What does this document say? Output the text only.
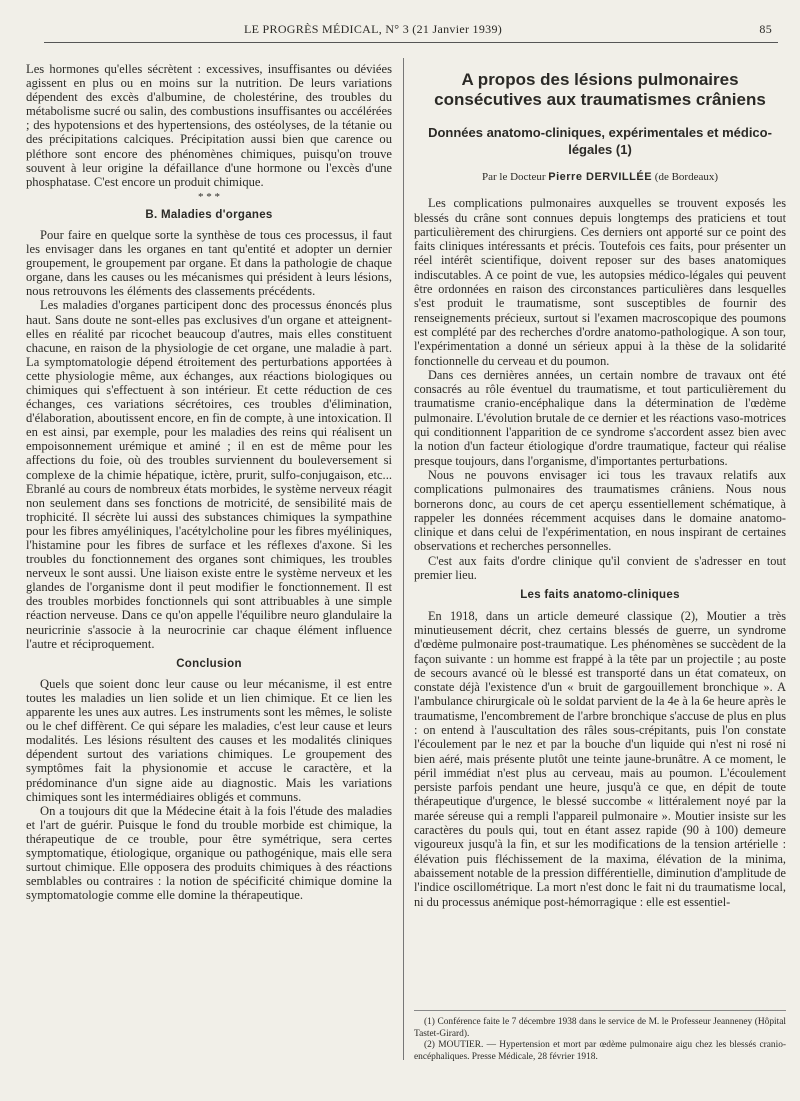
LE PROGRÈS MÉDICAL, N° 3 (21 Janvier 1939)	85

Les hormones qu'elles sécrètent : excessives, insuffisantes ou déviées agissent en plus ou en moins sur la nutrition. De leurs variations dépendent des excès d'albumine, de cholestérine, des troubles du métabolisme sucré ou salin, des combustions insuffisantes ou accélérées ; des hypotensions et des hypertensions, des ostéolyses, de la tétanie ou des précipitations calciques. Précipitation aussi bien que carence ou pléthore sont encore des phénomènes chimiques, puisqu'on trouve souvent à leur origine la défaillance d'une hormone ou l'excès d'une phosphatase. C'est encore un produit chimique.

* * *
B. Maladies d'organes

Pour faire en quelque sorte la synthèse de tous ces processus, il faut les envisager dans les organes en tant qu'entité et adopter un dernier groupement, le groupement par organe. Et dans la pathologie de chaque organe, dans les causes ou les mécanismes qui président à leurs lésions, nous retrouvons les éléments des classements précédents.

Les maladies d'organes participent donc des processus énoncés plus haut. Sans doute ne sont-elles pas exclusives d'un organe et atteignent-elles en réalité par ricochet beaucoup d'autres, mais elles constituent chacune, en raison de la physiologie de cet organe, une maladie à part. La symptomatologie dépend étroitement des perturbations apportées à cette physiologie même, aux échanges, aux réactions biologiques ou chimiques qui s'effectuent à son intérieur. Et cette réduction de ces échanges, ces variations sécrétoires, ces troubles d'élimination, d'élaboration, aboutissent encore, en fin de compte, à une intoxication. Il en est ainsi, par exemple, pour les maladies des reins qui réalisent un empoisonnement urémique et aminé ; il en est de même pour les affections du foie, où des troubles surviennent du bouleversement si complexe de la chimie hépatique, ictère, prurit, sulfo-conjugaison, etc... Ebranlé au cours de nombreux états morbides, le système nerveux réagit non seulement dans ses fonctions de motricité, de sensibilité mais de trophicité. Il sécrète lui aussi des substances chimiques la sympathine pour les fibres amyéliniques, l'acétylcholine pour les fibres myéliniques, l'histamine pour les fibres de surface et les réflexes d'axone. Si les troubles du fonctionnement des organes sont chimiques, les troubles nerveux le sont aussi. Une liaison existe entre le système nerveux et les glandes de l'organisme dont il peut modifier le fonctionnement. Il est des troubles morbides fonctionnels qui sont attribuables à une simple réaction nerveuse. Dans ce qu'on appelle l'équilibre neuro glandulaire la neuricrinie s'associe à la neurocrinie car chaque élément influence l'autre et réciproquement.

Conclusion

Quels que soient donc leur cause ou leur mécanisme, il est entre toutes les maladies un lien solide et un lien chimique. Et ce lien les apparente les unes aux autres. Les instruments sont les mêmes, le soliste ou le chef diffèrent. Ce qui sépare les maladies, c'est leur cause et leurs modalités. Les lésions résultent des causes et les modalités cliniques dépendent surtout des variations chimiques. Le groupement des symptômes fait la physionomie et accuse le caractère, et la prédominance d'un signe aide au diagnostic. Mais les variations chimiques sont les intermédiaires obligés et communs.

On a toujours dit que la Médecine était à la fois l'étude des maladies et l'art de guérir. Puisque le fond du trouble morbide est chimique, la thérapeutique de ce trouble, pour être symétrique, sera certes symptomatique, étiologique, organique ou pathogénique, mais elle sera surtout chimique. Elle opposera des produits chimiques à des réactions semblables ou contraires : la notion de spécificité chimique domine la symptomatologie comme elle domine la thérapeutique.

A propos des lésions pulmonaires consécutives aux traumatismes crâniens
Données anatomo-cliniques, expérimentales et médico-légales (1)
Par le Docteur Pierre DERVILLÉE (de Bordeaux)

Les complications pulmonaires auxquelles se trouvent exposés les blessés du crâne sont connues depuis longtemps des praticiens et tout particulièrement des chirurgiens. Ces derniers ont apporté sur ce point des faits cliniques intéressants et précis. Toutefois ces faits, pour présenter un réel intérêt scientifique, doivent reposer sur des bases anatomiques indiscutables. A ce point de vue, les autopsies médico-légales qui peuvent être ordonnées en raison des circonstances particulières dans lesquelles s'est produit le traumatisme, sont susceptibles de fournir des renseignements précieux, surtout si l'examen macroscopique des poumons est complété par des recherches d'ordre anatomo-pathologique. A son tour, l'expérimentation a donné un sérieux appui à la thèse de la solidarité fonctionnelle du cerveau et du poumon.

Dans ces dernières années, un certain nombre de travaux ont été consacrés au rôle éventuel du traumatisme, et tout particulièrement du traumatisme cranio-encéphalique dans la détermination de l'œdème pulmonaire. L'évolution brutale de ce dernier et les réactions vaso-motrices qui conditionnent l'apparition de ce syndrome s'accordent assez bien avec la notion d'un facteur étiologique d'ordre traumatique, facteur qui réalise presque toujours, dans l'organisme, d'importantes perturbations.

Nous ne pouvons envisager ici tous les travaux relatifs aux complications pulmonaires des traumatismes crâniens. Nous nous bornerons donc, au cours de cet aperçu essentiellement schématique, à rappeler les données récemment acquises dans le domaine anatomo-clinique et dans celui de l'expérimentation, en nous inspirant de certaines observations et recherches personnelles.

C'est aux faits d'ordre clinique qu'il convient de s'adresser en tout premier lieu.

Les faits anatomo-cliniques

En 1918, dans un article demeuré classique (2), Moutier a très minutieusement décrit, chez certains blessés de guerre, un syndrome d'œdème pulmonaire post-traumatique. Les phénomènes se succèdent de la façon suivante : un homme est frappé à la tête par un projectile ; au poste de secours avancé où le blessé est transporté dans un état comateux, on constate déjà l'existence d'un « bruit de gargouillement bronchique ». A l'ambulance chirurgicale où le soldat parvient de la 4e à la 6e heure après le traumatisme, l'encombrement de l'arbre bronchique s'accuse de plus en plus : on entend à l'auscultation des râles sous-crépitants, puis l'on constate l'écoulement par le nez et par la bouche d'un liquide qui n'est ni rosé ni bien aéré, mais présente plutôt une teinte jaune-brunâtre. A ce moment, le péril immédiat n'est plus au cerveau, mais au poumon. L'écoulement persiste parfois pendant une heure, jusqu'à ce que, en dépit de toute thérapeutique d'urgence, le blessé succombe « littéralement noyé par la marée séreuse qui a rempli l'appareil pulmonaire ». Moutier insiste sur les caractères du pouls qui, tout en étant assez rapide (90 à 100) demeure vigoureux jusqu'à la fin, et sur les modifications de la tension artérielle : élévation puis fléchissement de la maxima, élévation de la minima, abaissement notable de la pression différentielle, diminution d'amplitude de l'indice oscillométrique. La mort n'est donc le fait ni du traumatisme local, ni du processus anémique post-hémorragique : elle est essentiel-

(1) Conférence faite le 7 décembre 1938 dans le service de M. le Professeur Jeanneney (Hôpital Tastet-Girard).

(2) MOUTIER. — Hypertension et mort par œdème pulmonaire aigu chez les blessés cranio-encéphaliques. Presse Médicale, 28 février 1918.
